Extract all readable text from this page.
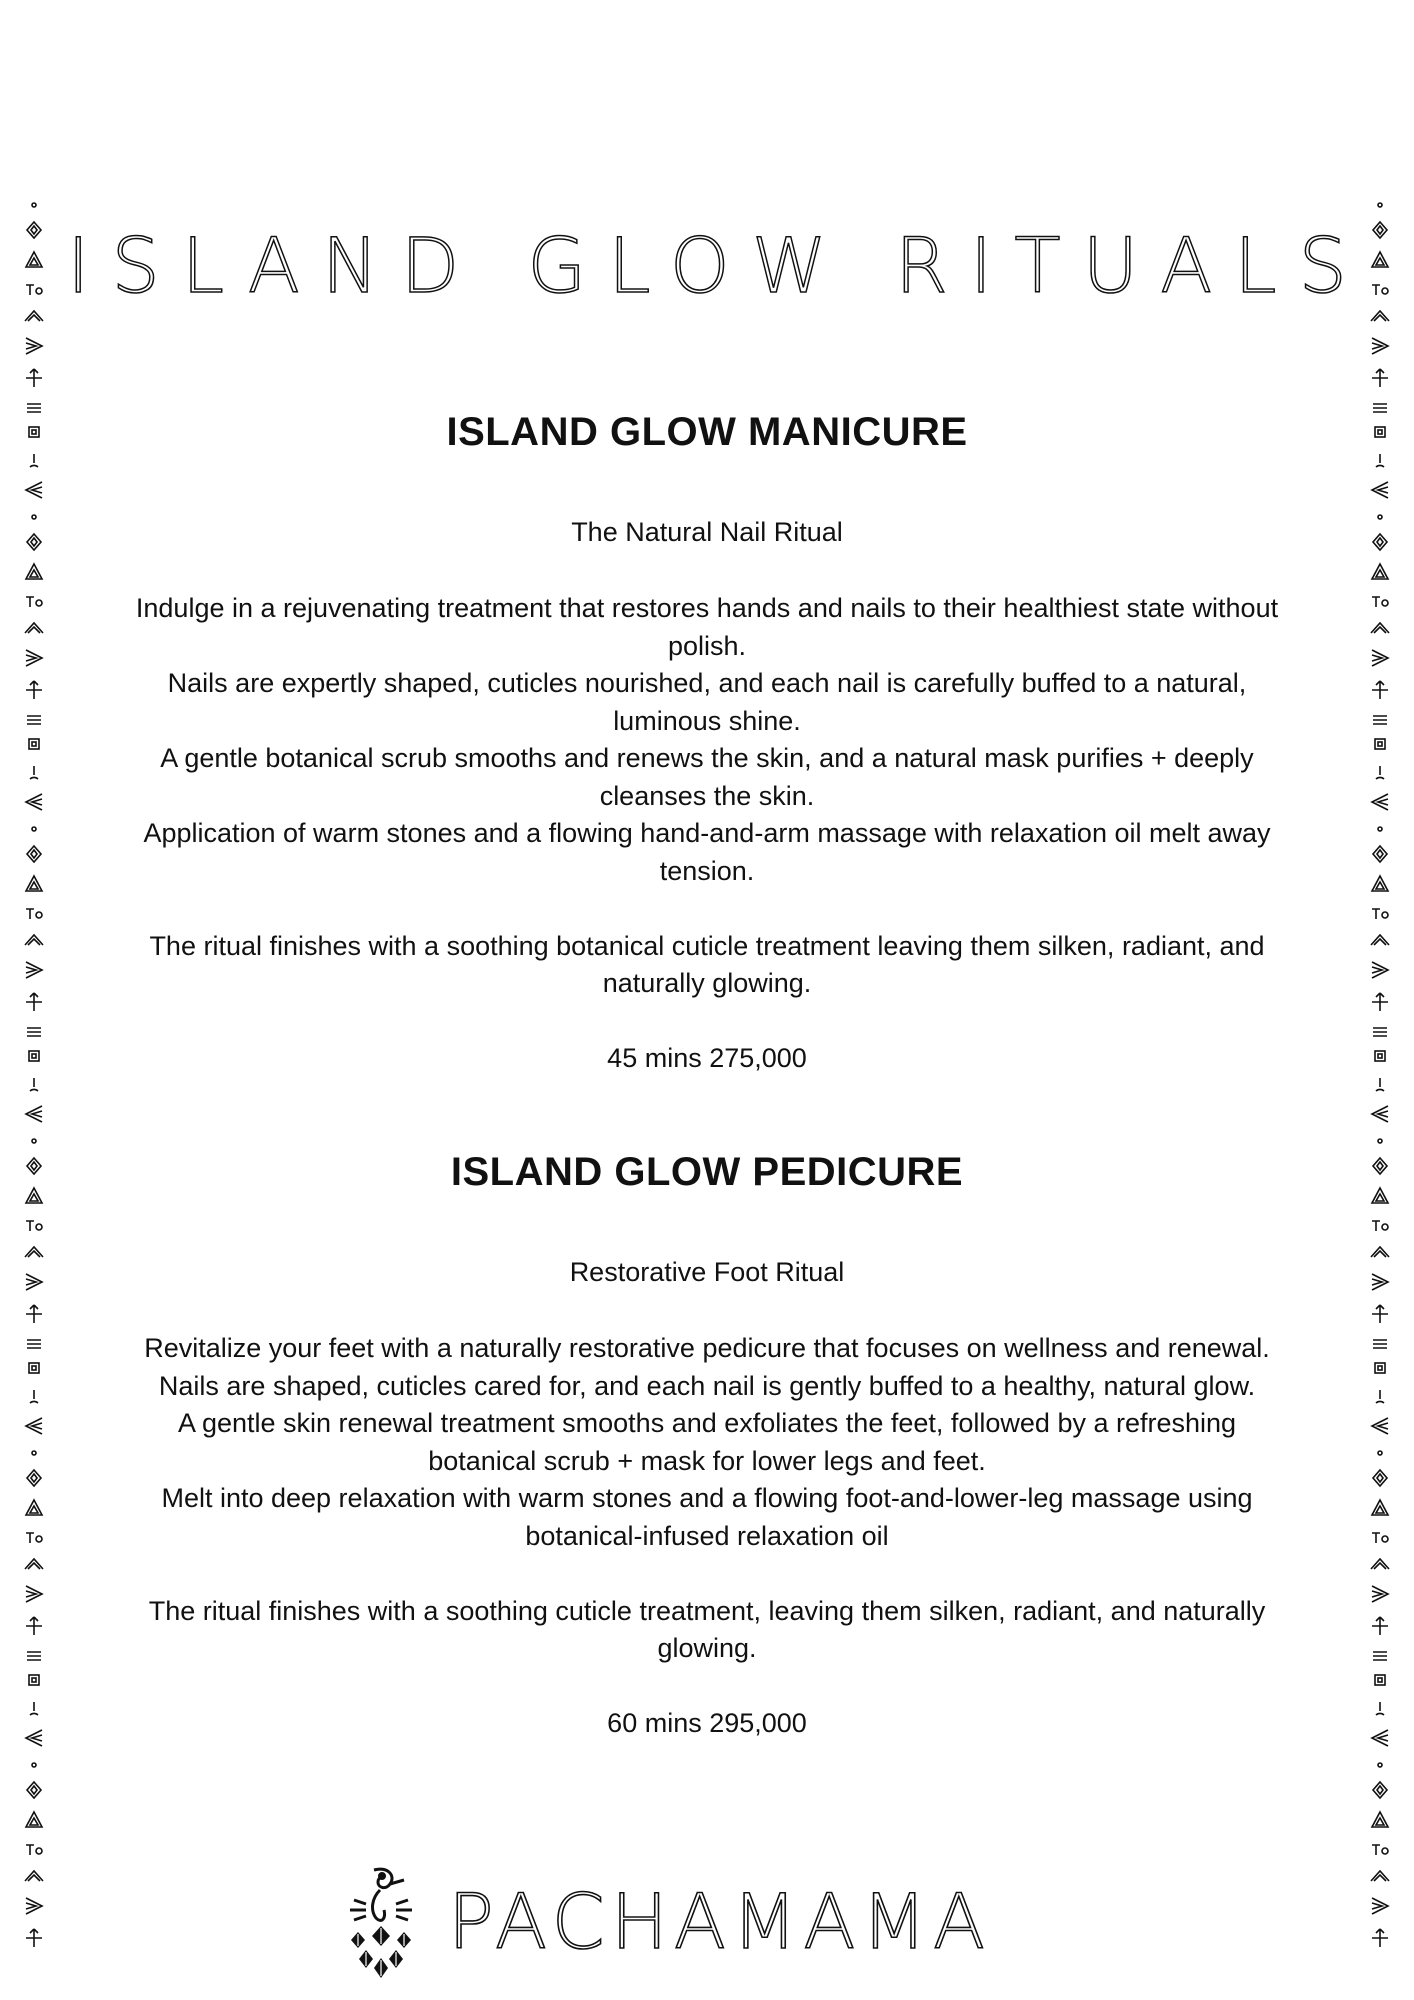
ISLAND GLOW RITUALS
ISLAND GLOW MANICURE
The Natural Nail Ritual

Indulge in a rejuvenating treatment that restores hands and nails to their healthiest state without polish.

Nails are expertly shaped, cuticles nourished, and each nail is carefully buffed to a natural, luminous shine.

A gentle botanical scrub smooths and renews the skin, and a natural mask purifies + deeply cleanses the skin.

Application of warm stones and a flowing hand-and-arm massage with relaxation oil melt away tension.

The ritual finishes with a soothing botanical cuticle treatment leaving them silken, radiant, and naturally glowing.

45 mins 275,000
ISLAND GLOW PEDICURE
Restorative Foot Ritual

Revitalize your feet with a naturally restorative pedicure that focuses on wellness and renewal.

Nails are shaped, cuticles cared for, and each nail is gently buffed to a healthy, natural glow.

A gentle skin renewal treatment smooths and exfoliates the feet, followed by a refreshing botanical scrub + mask for lower legs and feet.

Melt into deep relaxation with warm stones and a flowing foot-and-lower-leg massage using botanical-infused relaxation oil

The ritual finishes with a soothing cuticle treatment, leaving them silken, radiant, and naturally glowing.

60 mins 295,000
PACHAMAMA
